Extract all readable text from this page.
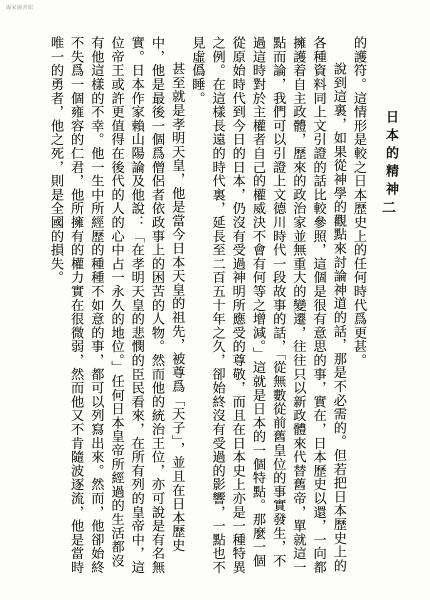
國家圖書館
日本的精神
二

的護符。這情形是較之日本歷史上的任何時代爲更甚。

說到這裏，如果從神學的觀點來討論神道的話，那是不必需的。但若把日本歷史上的各種資料同上文引證的話比較參照，這個是很有意思的事，實在，日本歷史以還，一向都擁護着自主政體，歷來的政治家並無重大的變遷，往往只以新政體來代替舊帝，單就這一點而論，我們可以引證上文德川時代一段故事的話，「從無數從前舊皇位的事實發生，不過這時對於主權者自己的權威決不會有何等之增減。」這就是日本的一個特點。那麼一個從原始時代到今日的日本，仍沒有受過神明所應受的尊敬，而且在日本史上亦是一種特異之例。在這樣長遠的時代裏，延長至二百五十年之久，卻始終沒有受過的影響，一點也不見虛僞睡。

甚至就是孝明天皇，他是當今日本天皇的祖先，被尊爲「天子」，並且在日本歷史中，他是最後一個爲僧侶者依政事上的困苦的人物。然而他的統治王位，亦可說是有名無實。日本作家賴山陽論及他說：「在孝明天皇的悲憫的臣民看來，在所有列的皇帝中，這位帝王或許更值得在後代的人的心中占一永久的地位。」任何日本皇帝所經過的生活都沒有他這樣的不幸。他一生中所經歷的種種不如意的事，都可以列寫出來。然而，他卻始終不失爲一個雍容的仁君，他所擁有的權力實在很微弱，然而他又不肯隨波逐流，他是當時唯一的勇者，他之死，則是全國的損失。
